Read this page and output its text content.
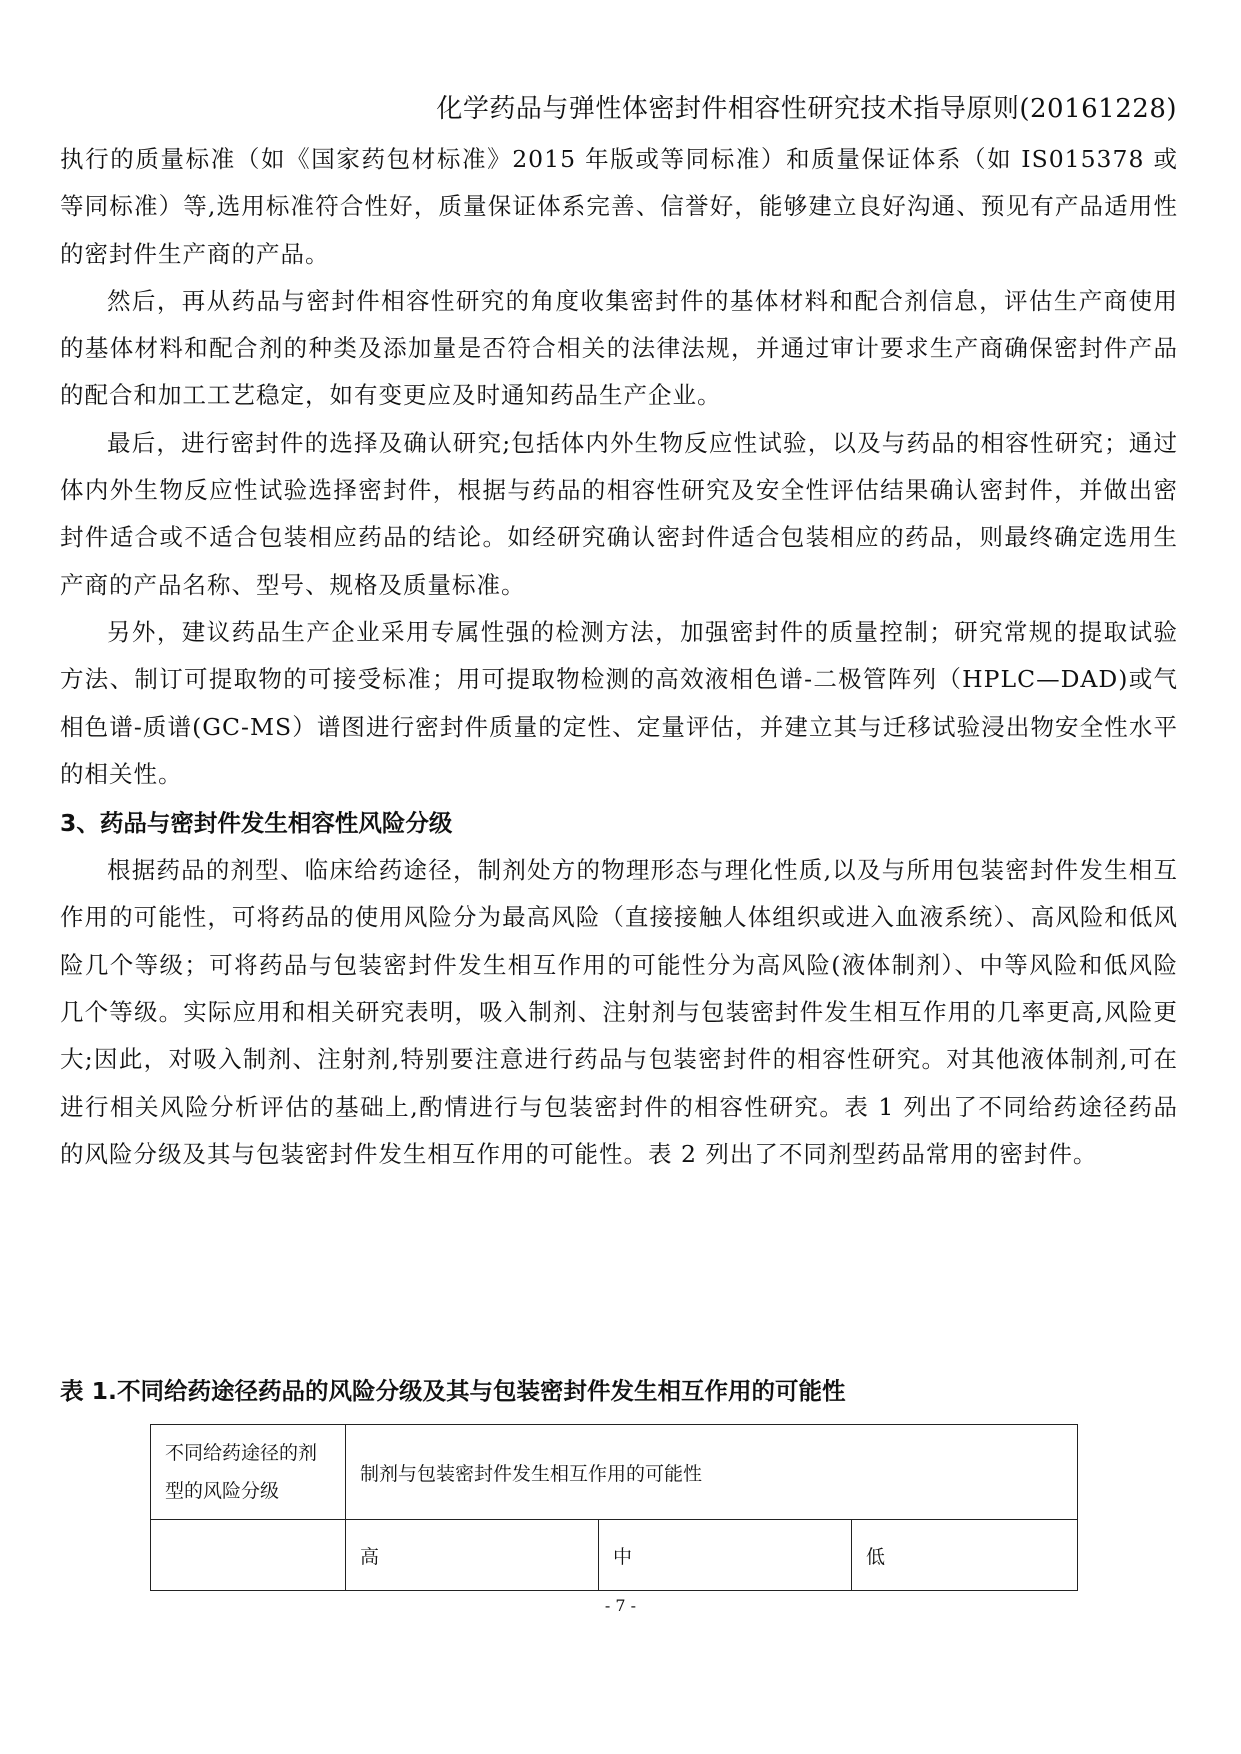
化学药品与弹性体密封件相容性研究技术指导原则(20161228)

执行的质量标准（如《国家药包材标准》2015 年版或等同标准）和质量保证体系（如 IS015378 或等同标准）等,选用标准符合性好，质量保证体系完善、信誉好，能够建立良好沟通、预见有产品适用性的密封件生产商的产品。

然后，再从药品与密封件相容性研究的角度收集密封件的基体材料和配合剂信息，评估生产商使用的基体材料和配合剂的种类及添加量是否符合相关的法律法规，并通过审计要求生产商确保密封件产品的配合和加工工艺稳定，如有变更应及时通知药品生产企业。

最后，进行密封件的选择及确认研究;包括体内外生物反应性试验，以及与药品的相容性研究；通过体内外生物反应性试验选择密封件，根据与药品的相容性研究及安全性评估结果确认密封件，并做出密封件适合或不适合包装相应药品的结论。如经研究确认密封件适合包装相应的药品，则最终确定选用生产商的产品名称、型号、规格及质量标准。

另外，建议药品生产企业采用专属性强的检测方法，加强密封件的质量控制；研究常规的提取试验方法、制订可提取物的可接受标准；用可提取物检测的高效液相色谱-二极管阵列（HPLC—DAD)或气相色谱-质谱(GC-MS）谱图进行密封件质量的定性、定量评估，并建立其与迁移试验浸出物安全性水平的相关性。

3、药品与密封件发生相容性风险分级

根据药品的剂型、临床给药途径，制剂处方的物理形态与理化性质,以及与所用包装密封件发生相互作用的可能性，可将药品的使用风险分为最高风险（直接接触人体组织或进入血液系统）、高风险和低风险几个等级；可将药品与包装密封件发生相互作用的可能性分为高风险(液体制剂）、中等风险和低风险几个等级。实际应用和相关研究表明，吸入制剂、注射剂与包装密封件发生相互作用的几率更高,风险更大;因此，对吸入制剂、注射剂,特别要注意进行药品与包装密封件的相容性研究。对其他液体制剂,可在进行相关风险分析评估的基础上,酌情进行与包装密封件的相容性研究。表 1 列出了不同给药途径药品的风险分级及其与包装密封件发生相互作用的可能性。表 2 列出了不同剂型药品常用的密封件。

表 1.不同给药途径药品的风险分级及其与包装密封件发生相互作用的可能性
不同给药途径的剂型的风险分级	制剂与包装密封件发生相互作用的可能性		
	高	中	低
- 7 -
